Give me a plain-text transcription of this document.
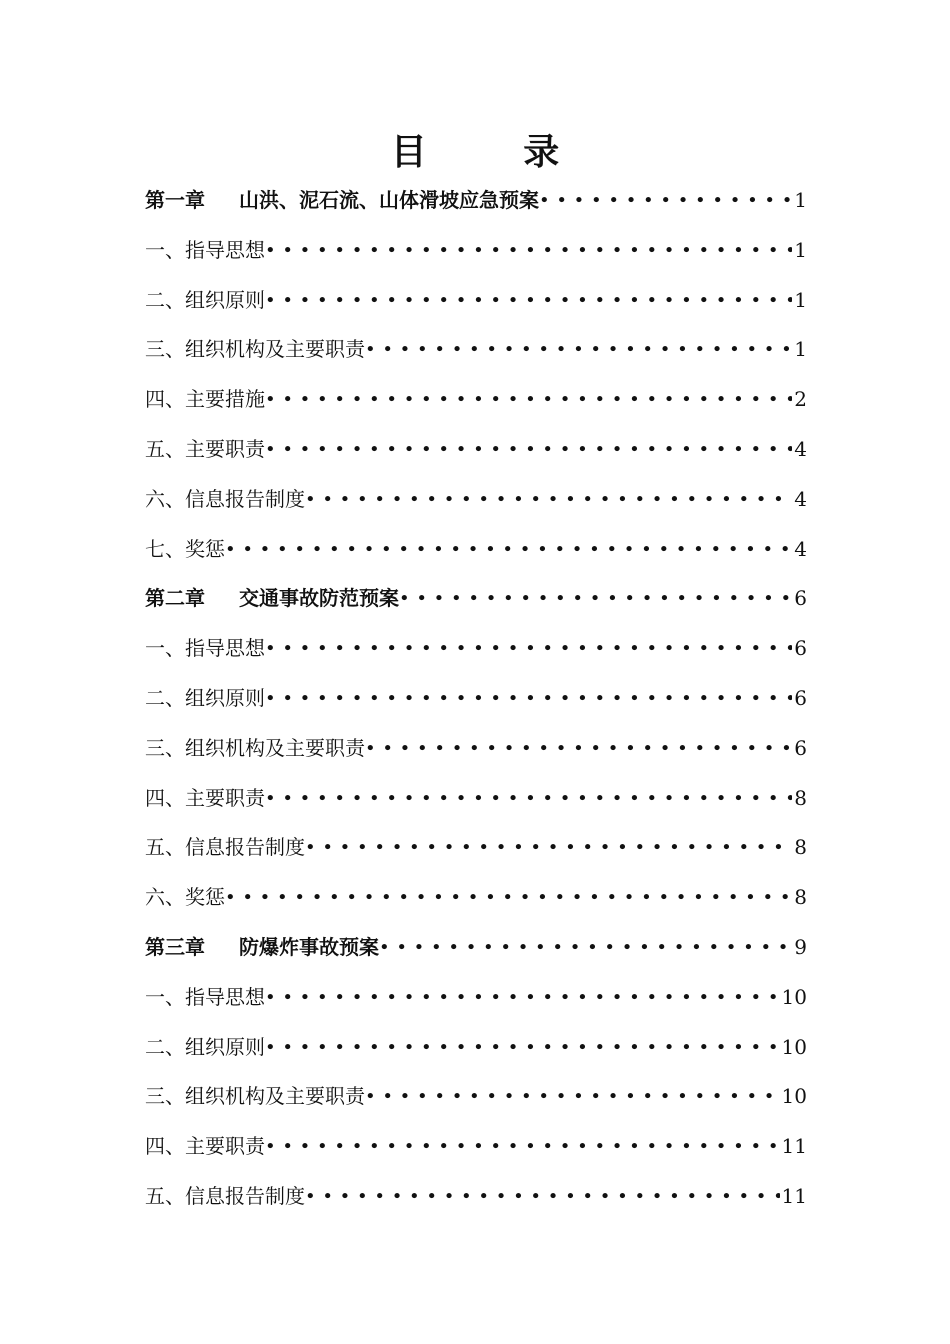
目 录
第一章 山洪、泥石流、山体滑坡应急预案 • • •	1
一、指导思想 • • •	1
二、组织原则 • • •	1
三、组织机构及主要职责 • • •	1
四、主要措施 • • •	2
五、主要职责 • • •	4
六、信息报告制度 • • •	4
七、奖惩 • • •	4
第二章 交通事故防范预案 • • •	6
一、指导思想 • • •	6
二、组织原则 • • •	6
三、组织机构及主要职责 • • •	6
四、主要职责 • • •	8
五、信息报告制度 • • •	8
六、奖惩 • • •	8
第三章 防爆炸事故预案 • • •	9
一、指导思想 • • •	10
二、组织原则 • • •	10
三、组织机构及主要职责 • • •	10
四、主要职责 • • •	11
五、信息报告制度 • • •	11
